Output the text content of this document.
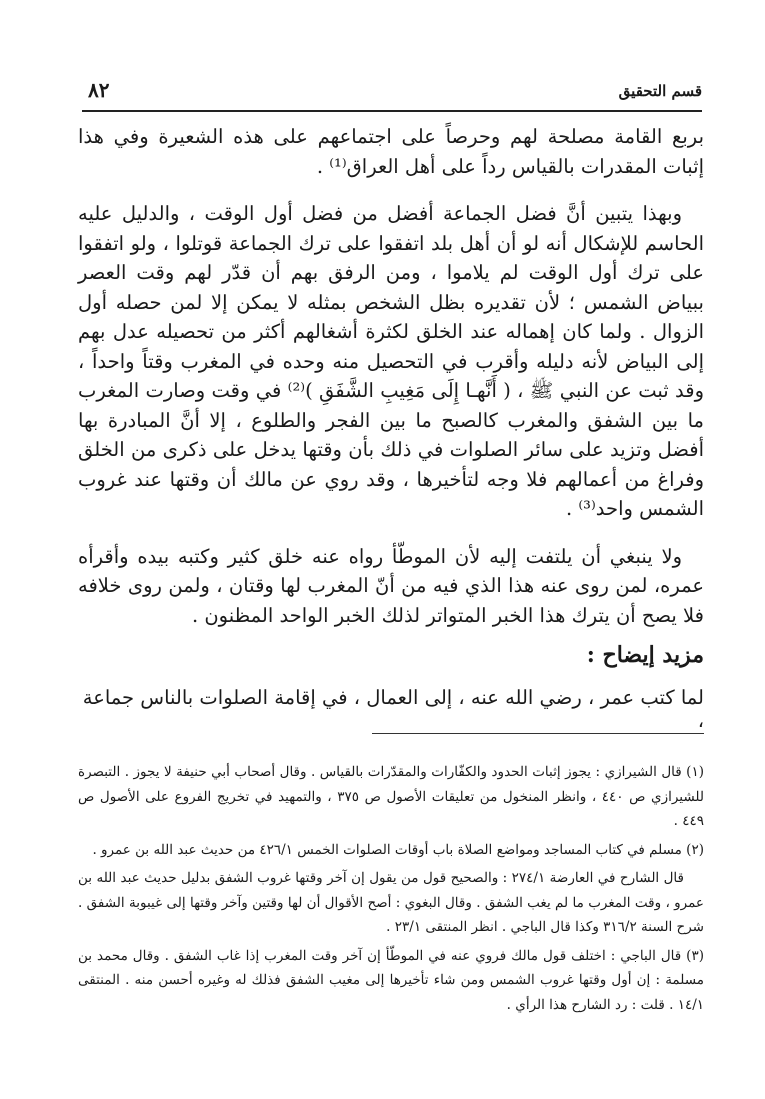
قسم التحقيق
٨٢

بربع القامة مصلحة لهم وحرصاً على اجتماعهم على هذه الشعيرة وفي هذا إثبات المقدرات بالقياس رداً على أهل العراق⁽¹⁾ .

وبهذا يتبين أنَّ فضل الجماعة أفضل من فضل أول الوقت ، والدليل عليه الحاسم للإشكال أنه لو أن أهل بلد اتفقوا على ترك الجماعة قوتلوا ، ولو اتفقوا على ترك أول الوقت لم يلاموا ، ومن الرفق بهم أن قدّر لهم وقت العصر ببياض الشمس ؛ لأن تقديره بظل الشخص بمثله لا يمكن إلا لمن حصله أول الزوال . ولما كان إهماله عند الخلق لكثرة أشغالهم أكثر من تحصيله عدل بهم إلى البياض لأنه دليله وأقرب في التحصيل منه وحده في المغرب وقتاً واحداً ، وقد ثبت عن النبي ﷺ ، ( أَنَّهـا إِلَى مَغِيبِ الشَّفَقِ )⁽²⁾ في وقت وصارت المغرب ما بين الشفق والمغرب كالصبح ما بين الفجر والطلوع ، إلا أنَّ المبادرة بها أفضل وتزيد على سائر الصلوات في ذلك بأن وقتها يدخل على ذكرى من الخلق وفراغ من أعمالهم فلا وجه لتأخيرها ، وقد روي عن مالك أن وقتها عند غروب الشمس واحد⁽³⁾ .

ولا ينبغي أن يلتفت إليه لأن الموطّأ رواه عنه خلق كثير وكتبه بيده وأقرأه عمره، لمن روى عنه هذا الذي فيه من أنّ المغرب لها وقتان ، ولمن روى خلافه فلا يصح أن يترك هذا الخبر المتواتر لذلك الخبر الواحد المظنون .

مزيد إيضاح :
لما كتب عمر ، رضي الله عنه ، إلى العمال ، في إقامة الصلوات بالناس جماعة ،

(١) قال الشيرازي : يجوز إثبات الحدود والكفّارات والمقدّرات بالقياس . وقال أصحاب أبي حنيفة لا يجوز . التبصرة للشيرازي ص ٤٤٠ ، وانظر المنخول من تعليقات الأصول ص ٣٧٥ ، والتمهيد في تخريج الفروع على الأصول ص ٤٤٩ .

(٢) مسلم في كتاب المساجد ومواضع الصلاة باب أوقات الصلوات الخمس ٤٢٦/١ من حديث عبد الله بن عمرو .

قال الشارح في العارضة ٢٧٤/١ : والصحيح قول من يقول إن آخر وقتها غروب الشفق بدليل حديث عبد الله بن عمرو ، وقت المغرب ما لم يغب الشفق . وقال البغوي : أصح الأقوال أن لها وقتين وآخر وقتها إلى غيبوبة الشفق . شرح السنة ٣١٦/٢ وكذا قال الباجي . انظر المنتقى ٢٣/١ .

(٣) قال الباجي : اختلف قول مالك فروي عنه في الموطّأ إن آخر وقت المغرب إذا غاب الشفق . وقال محمد بن مسلمة : إن أول وقتها غروب الشمس ومن شاء تأخيرها إلى مغيب الشفق فذلك له وغيره أحسن منه . المنتقى ١٤/١ . قلت : رد الشارح هذا الرأي .
